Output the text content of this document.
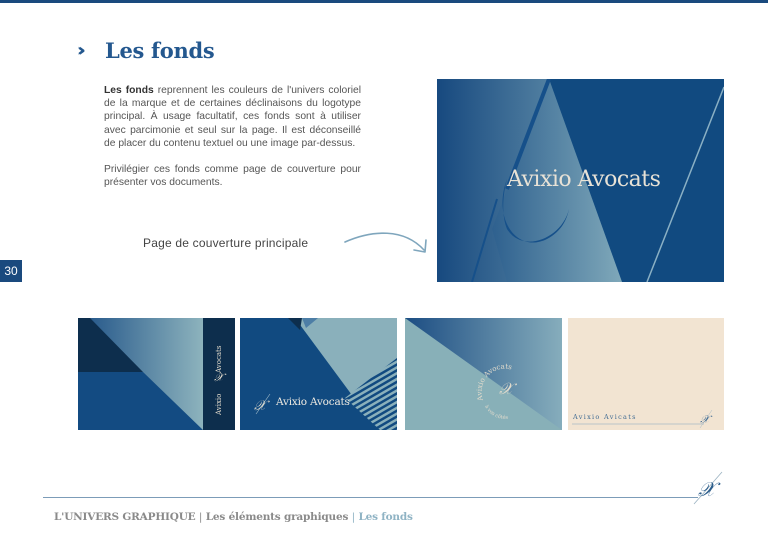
››	Les fonds

Les fonds reprennent les couleurs de l'univers coloriel de la marque et de certaines déclinaisons du logotype principal. À usage facultatif, ces fonds sont à utiliser avec parcimonie et seul sur la page. Il est déconseillé de placer du contenu textuel ou une image par-dessus.

Privilégier ces fonds comme page de couverture pour présenter vos documents.

Page de couverture principale
30
Avixio Avocats
Avixio
Avocats
𝒳
𝒳 Avixio Avocats	Avixio Avocats
à vos côtés
𝒳
Avixio Avicats	𝒳
𝒳
L'UNIVERS GRAPHIQUE | Les éléments graphiques | Les fonds
